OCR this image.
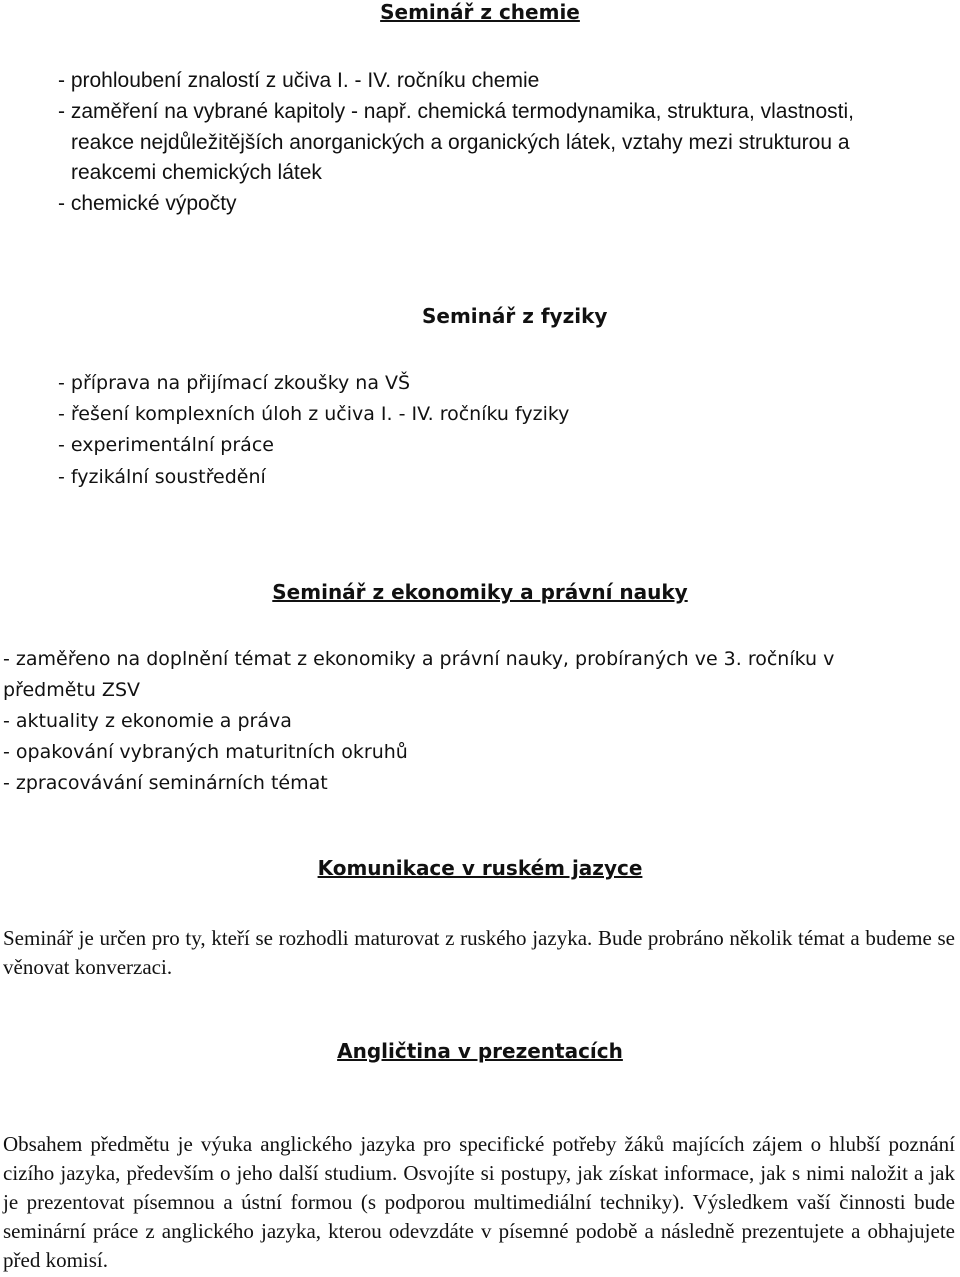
Seminář z chemie
- prohloubení znalostí z učiva I. - IV. ročníku chemie
- zaměření na vybrané kapitoly - např. chemická termodynamika, struktura, vlastnosti,
reakce nejdůležitějších anorganických a organických látek, vztahy mezi strukturou a
reakcemi chemických látek
- chemické výpočty
Seminář z fyziky
- příprava na přijímací zkoušky na VŠ
- řešení komplexních úloh z učiva I. - IV. ročníku fyziky
- experimentální práce
- fyzikální soustředění
Seminář z ekonomiky a právní nauky
- zaměřeno na doplnění témat z ekonomiky a právní nauky, probíraných ve 3. ročníku v
předmětu ZSV
- aktuality z ekonomie a práva
- opakování vybraných maturitních okruhů
- zpracovávání seminárních témat
Komunikace v ruském jazyce
Seminář je určen pro ty, kteří se rozhodli maturovat z ruského jazyka. Bude probráno několik témat a budeme se věnovat konverzaci.
Angličtina v prezentacích
Obsahem předmětu je výuka anglického jazyka pro specifické potřeby žáků majících zájem o hlubší poznání cizího jazyka, především o jeho další studium. Osvojíte si postupy, jak získat informace, jak s nimi naložit a jak je prezentovat písemnou a ústní formou (s podporou multimediální techniky). Výsledkem vaší činnosti bude seminární práce z anglického jazyka, kterou odevzdáte v písemné podobě a následně prezentujete a obhajujete před komisí.
